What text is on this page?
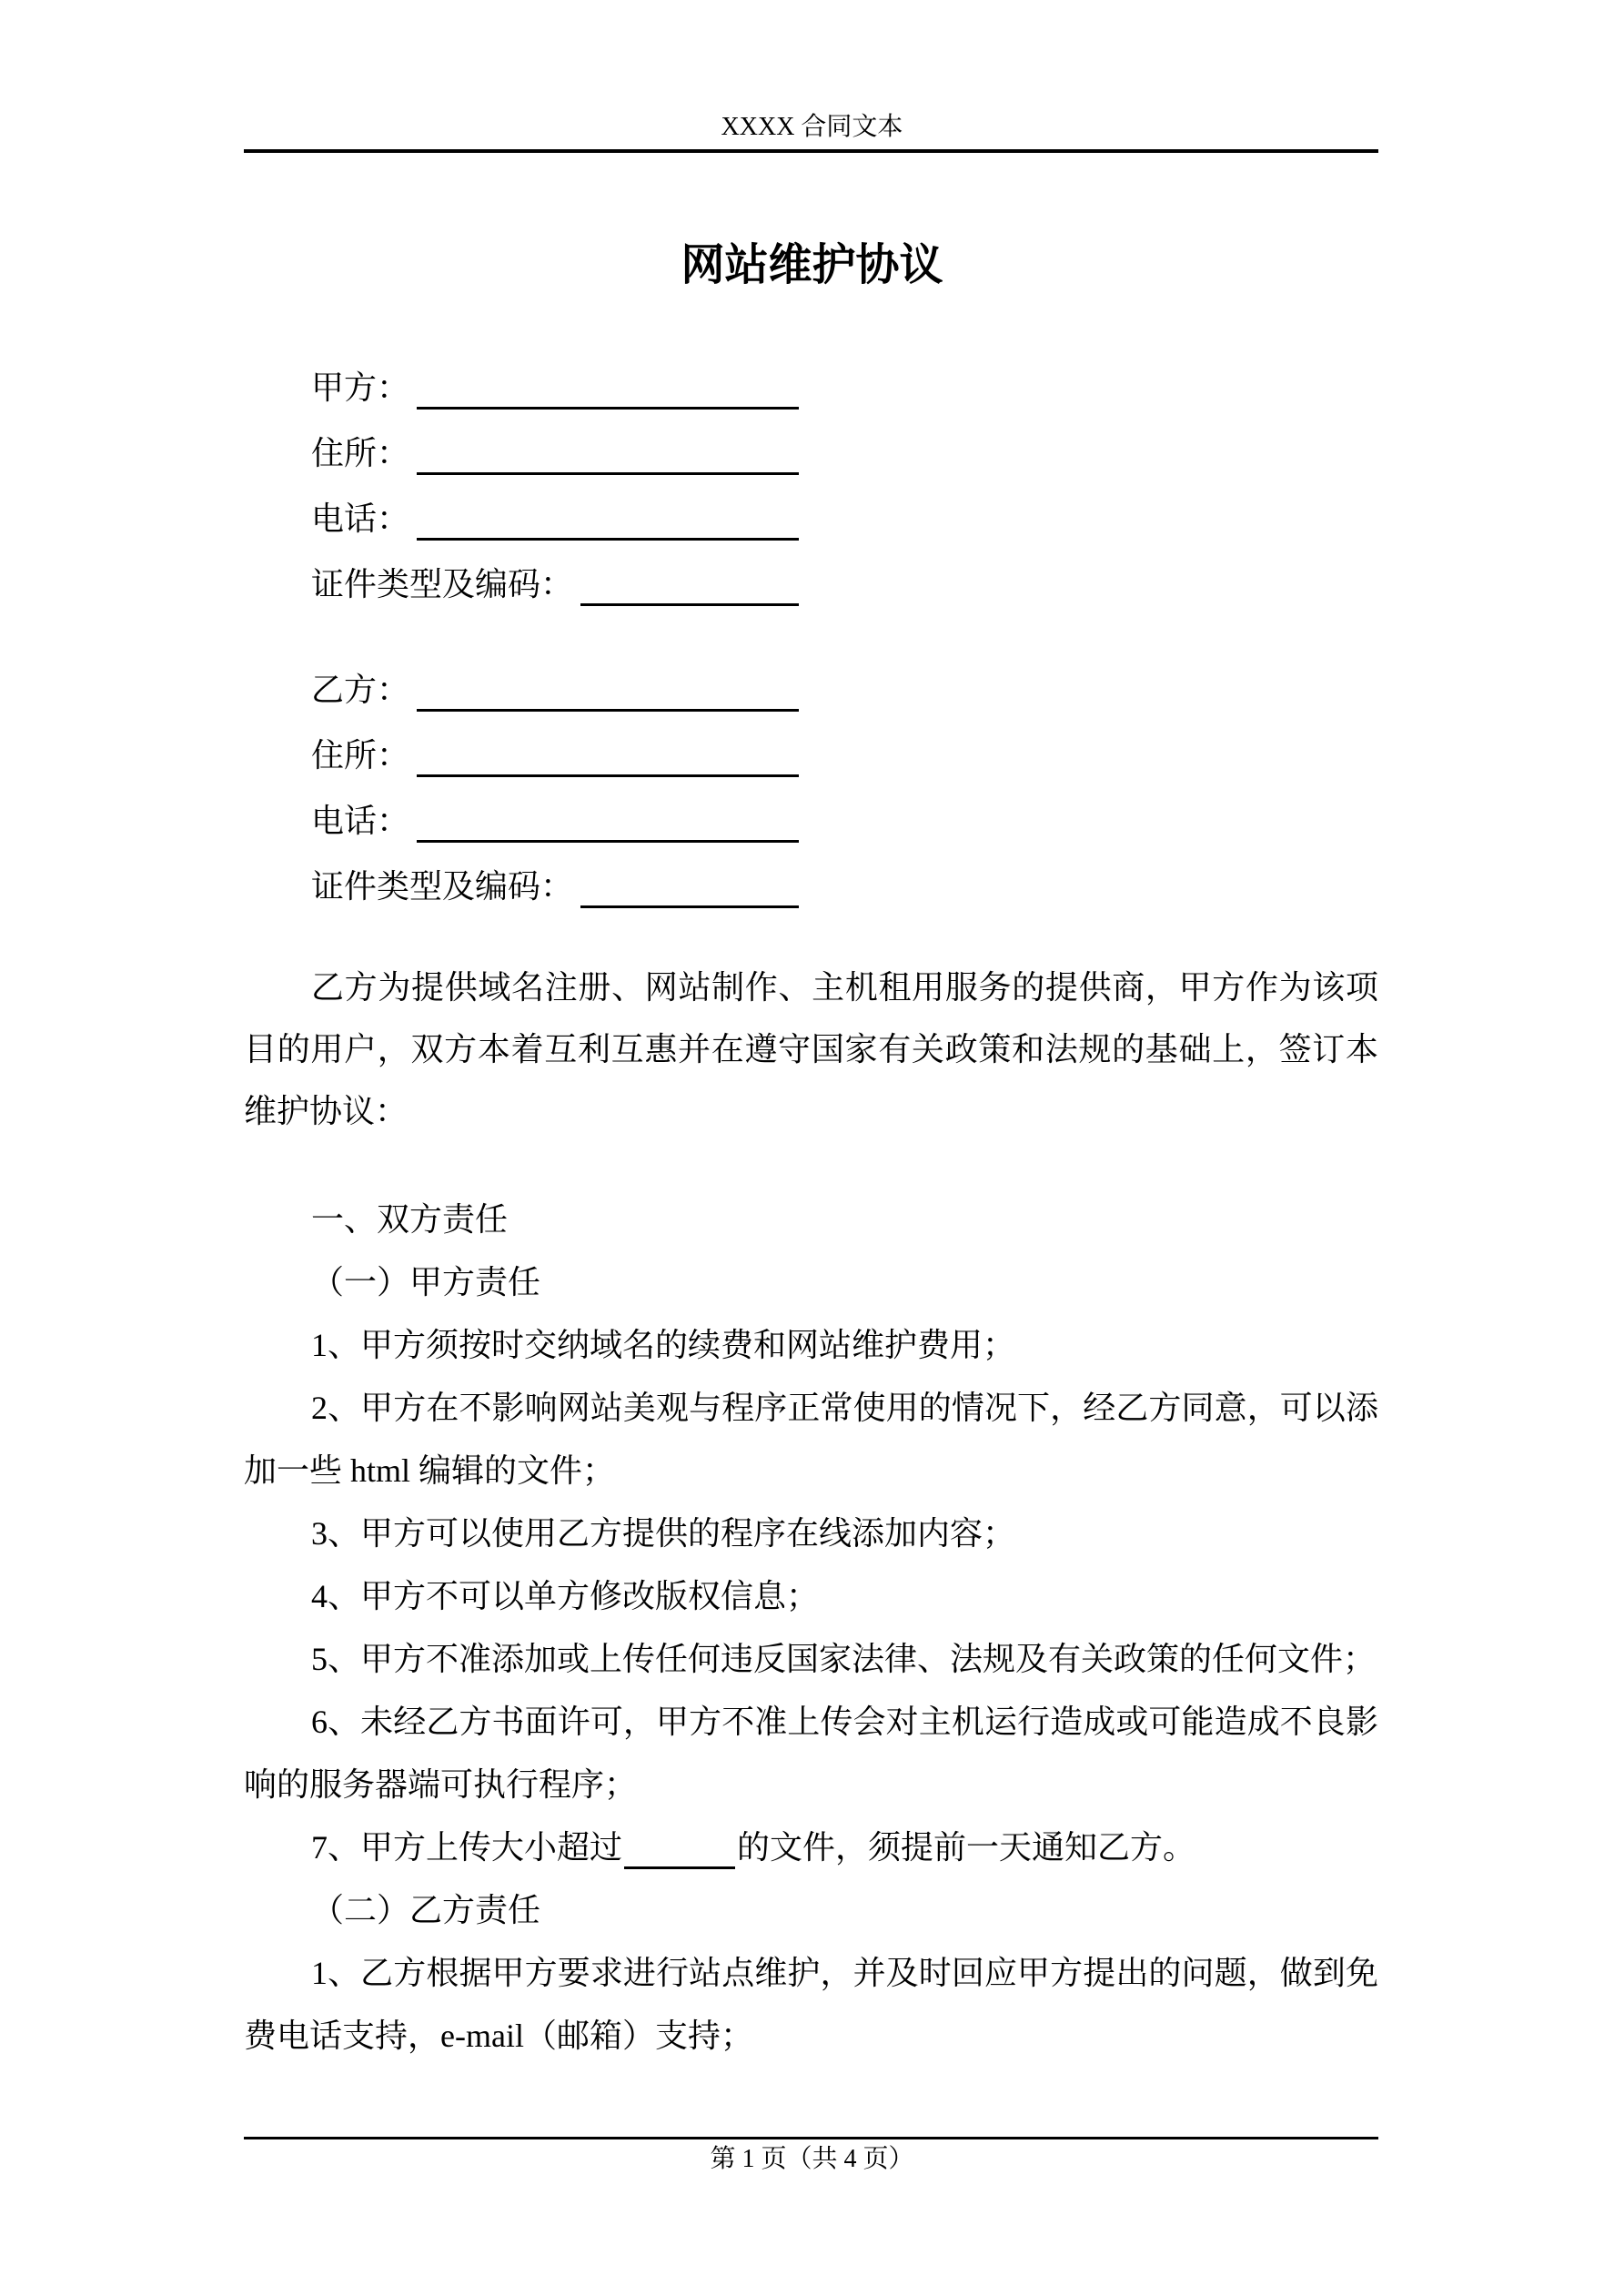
XXXX 合同文本
网站维护协议
甲方：
住所：
电话：
证件类型及编码：
乙方：
住所：
电话：
证件类型及编码：

乙方为提供域名注册、网站制作、主机租用服务的提供商，甲方作为该项目的用户，双方本着互利互惠并在遵守国家有关政策和法规的基础上，签订本维护协议：

一、双方责任

（一）甲方责任

1、甲方须按时交纳域名的续费和网站维护费用；

2、甲方在不影响网站美观与程序正常使用的情况下，经乙方同意，可以添加一些 html 编辑的文件；

3、甲方可以使用乙方提供的程序在线添加内容；

4、甲方不可以单方修改版权信息；

5、甲方不准添加或上传任何违反国家法律、法规及有关政策的任何文件；

6、未经乙方书面许可，甲方不准上传会对主机运行造成或可能造成不良影响的服务器端可执行程序；

7、甲方上传大小超过	的文件，须提前一天通知乙方。

（二）乙方责任

1、乙方根据甲方要求进行站点维护，并及时回应甲方提出的问题，做到免费电话支持，e-mail（邮箱）支持；

第 1 页（共 4 页）
